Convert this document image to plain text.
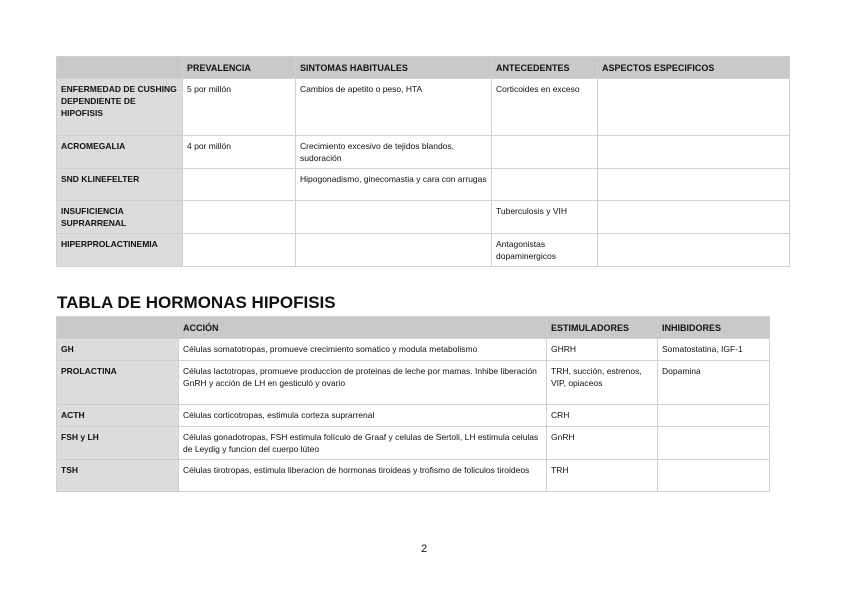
	PREVALENCIA	SINTOMAS HABITUALES	ANTECEDENTES	ASPECTOS ESPECIFICOS
ENFERMEDAD DE CUSHING DEPENDIENTE DE HIPOFISIS	5 por millón	Cambios de apetito o peso, HTA	Corticoides en exceso	
ACROMEGALIA	4 por millón	Crecimiento excesivo de tejidos blandos, sudoración		
SND KLINEFELTER		Hipogonadismo, ginecomastia y cara con arrugas		
INSUFICIENCIA SUPRARRENAL			Tuberculosis y VIH	
HIPERPROLACTINEMIA			Antagonistas dopaminergicos	
TABLA DE HORMONAS HIPOFISIS
	ACCIÓN	ESTIMULADORES	INHIBIDORES
GH	Células somatotropas, promueve crecimiento somatico y modula metabolismo	GHRH	Somatostatina, IGF-1
PROLACTINA	Células lactotropas, promueve produccion de proteinas de leche por mamas. Inhibe liberación GnRH y acción de LH en gesticuló y ovario	TRH, succión, estrenos, VIP, opiaceos	Dopamina
ACTH	Células corticotropas, estimula corteza suprarrenal	CRH	
FSH y LH	Células gonadotropas, FSH estimula folículo de Graaf y celulas de Sertoli, LH estimula celulas de Leydig y funcion del cuerpo lúteo	GnRH	
TSH	Células tirotropas, estimula liberacion de hormonas tiroideas y trofismo de foliculos tiroideos	TRH	
2
